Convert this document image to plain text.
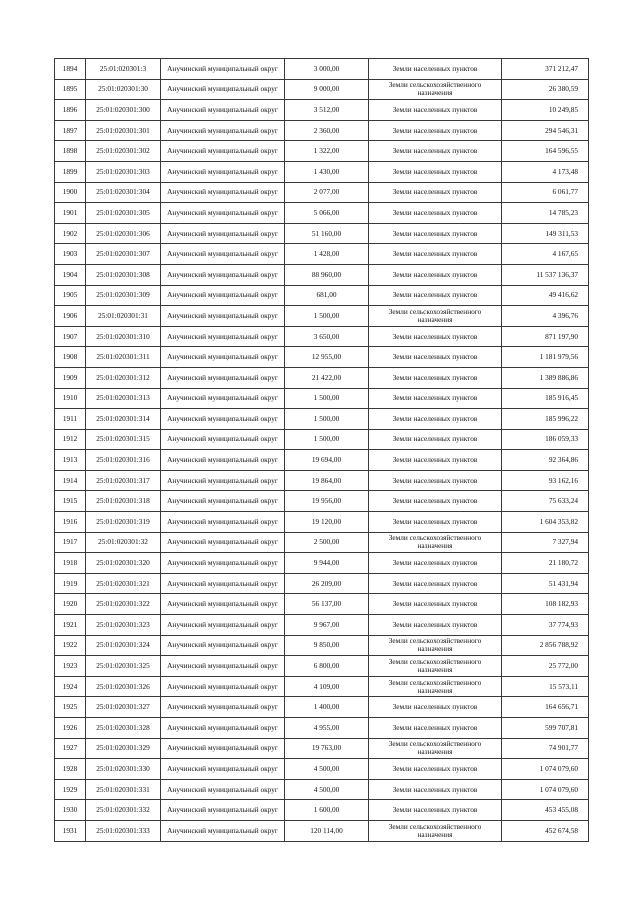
1894	25:01:020301:3	Анучинский муниципальный округ	3 000,00	Земли населенных пунктов	371 212,47
1895	25:01:020301:30	Анучинский муниципальный округ	9 000,00	Земли сельскохозяйственного назначения	26 380,59
1896	25:01:020301:300	Анучинский муниципальный округ	3 512,00	Земли населенных пунктов	10 249,85
1897	25:01:020301:301	Анучинский муниципальный округ	2 360,00	Земли населенных пунктов	294 546,31
1898	25:01:020301:302	Анучинский муниципальный округ	1 322,00	Земли населенных пунктов	164 596,55
1899	25:01:020301:303	Анучинский муниципальный округ	1 430,00	Земли населенных пунктов	4 173,48
1900	25:01:020301:304	Анучинский муниципальный округ	2 077,00	Земли населенных пунктов	6 061,77
1901	25:01:020301:305	Анучинский муниципальный округ	5 066,00	Земли населенных пунктов	14 785,23
1902	25:01:020301:306	Анучинский муниципальный округ	51 160,00	Земли населенных пунктов	149 311,53
1903	25:01:020301:307	Анучинский муниципальный округ	1 428,00	Земли населенных пунктов	4 167,65
1904	25:01:020301:308	Анучинский муниципальный округ	88 960,00	Земли населенных пунктов	11 537 136,37
1905	25:01:020301:309	Анучинский муниципальный округ	681,00	Земли населенных пунктов	49 416,62
1906	25:01:020301:31	Анучинский муниципальный округ	1 500,00	Земли сельскохозяйственного назначения	4 396,76
1907	25:01:020301:310	Анучинский муниципальный округ	3 650,00	Земли населенных пунктов	871 197,90
1908	25:01:020301:311	Анучинский муниципальный округ	12 955,00	Земли населенных пунктов	1 181 979,56
1909	25:01:020301:312	Анучинский муниципальный округ	21 422,00	Земли населенных пунктов	1 389 886,86
1910	25:01:020301:313	Анучинский муниципальный округ	1 500,00	Земли населенных пунктов	185 916,45
1911	25:01:020301:314	Анучинский муниципальный округ	1 500,00	Земли населенных пунктов	185 996,22
1912	25:01:020301:315	Анучинский муниципальный округ	1 500,00	Земли населенных пунктов	186 059,33
1913	25:01:020301:316	Анучинский муниципальный округ	19 694,00	Земли населенных пунктов	92 364,86
1914	25:01:020301:317	Анучинский муниципальный округ	19 864,00	Земли населенных пунктов	93 162,16
1915	25:01:020301:318	Анучинский муниципальный округ	19 956,00	Земли населенных пунктов	75 633,24
1916	25:01:020301:319	Анучинский муниципальный округ	19 120,00	Земли населенных пунктов	1 604 353,82
1917	25:01:020301:32	Анучинский муниципальный округ	2 500,00	Земли сельскохозяйственного назначения	7 327,94
1918	25:01:020301:320	Анучинский муниципальный округ	9 944,00	Земли населенных пунктов	21 180,72
1919	25:01:020301:321	Анучинский муниципальный округ	26 209,00	Земли населенных пунктов	51 431,94
1920	25:01:020301:322	Анучинский муниципальный округ	56 137,00	Земли населенных пунктов	108 182,93
1921	25:01:020301:323	Анучинский муниципальный округ	9 967,00	Земли населенных пунктов	37 774,93
1922	25:01:020301:324	Анучинский муниципальный округ	9 850,00	Земли сельскохозяйственного назначения	2 856 788,92
1923	25:01:020301:325	Анучинский муниципальный округ	6 800,00	Земли сельскохозяйственного назначения	25 772,00
1924	25:01:020301:326	Анучинский муниципальный округ	4 109,00	Земли сельскохозяйственного назначения	15 573,11
1925	25:01:020301:327	Анучинский муниципальный округ	1 400,00	Земли населенных пунктов	164 656,71
1926	25:01:020301:328	Анучинский муниципальный округ	4 955,00	Земли населенных пунктов	599 707,81
1927	25:01:020301:329	Анучинский муниципальный округ	19 763,00	Земли сельскохозяйственного назначения	74 901,77
1928	25:01:020301:330	Анучинский муниципальный округ	4 500,00	Земли населенных пунктов	1 074 079,60
1929	25:01:020301:331	Анучинский муниципальный округ	4 500,00	Земли населенных пунктов	1 074 079,60
1930	25:01:020301:332	Анучинский муниципальный округ	1 600,00	Земли населенных пунктов	453 455,08
1931	25:01:020301:333	Анучинский муниципальный округ	120 114,00	Земли сельскохозяйственного назначения	452 674,58
